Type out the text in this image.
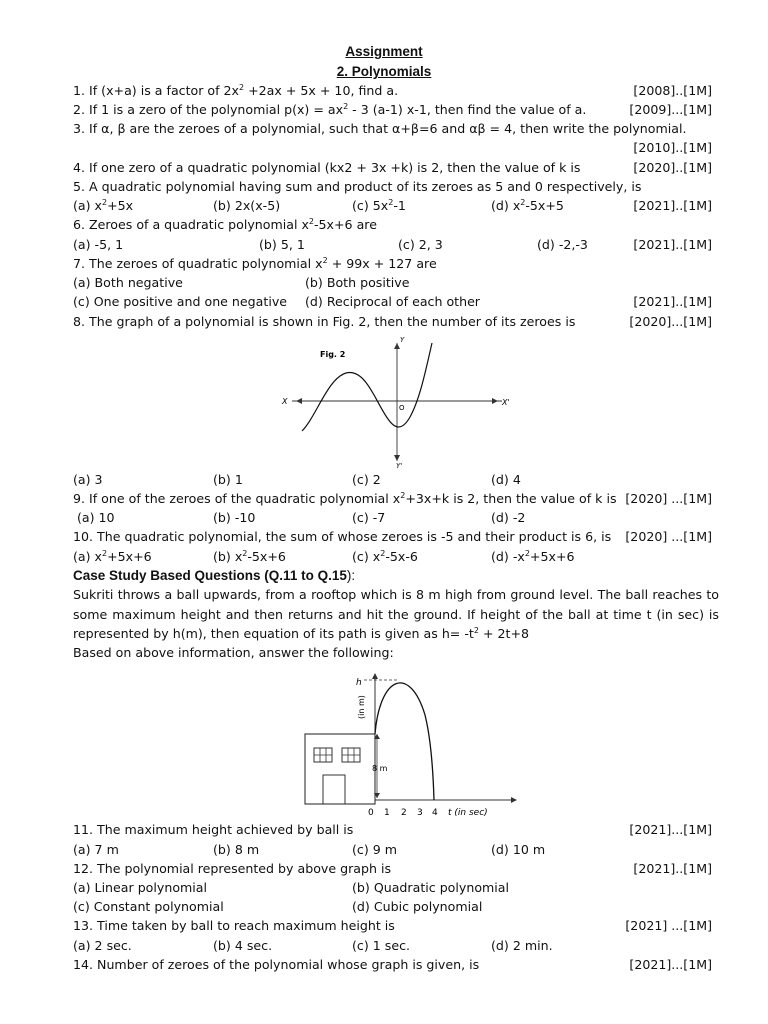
Assignment
2. Polynomials
1. If (x+a) is a factor of $2x^2 +2ax + 5x + 10$, find a.	[2008]..[1M]
2. If 1 is a zero of the polynomial $p(x) = ax^2 - 3$ (a-1) x-1, then find the value of a.	[2009]...[1M]
3. If α, β are the zeroes of a polynomial, such that α+β=6 and αβ = 4, then write the polynomial.
[2010]..[1M]
4. If one zero of a quadratic polynomial (kx2 + 3x +k) is 2, then the value of k is	[2020]..[1M]
5. A quadratic polynomial having sum and product of its zeroes as 5 and 0 respectively, is
(a) $x^2+5x$	(b) 2x(x-5)	(c) $5x^2-1$	(d) $x^2-5x+5$	[2021]..[1M]
6. Zeroes of a quadratic polynomial $x^2-5x+6$ are
(a) -5, 1	(b) 5, 1	(c) 2, 3	(d) -2,-3	[2021]..[1M]
7. The zeroes of quadratic polynomial $x^2 + 99x + 127$ are
(a) Both negative	(b) Both positive
(c) One positive and one negative (d) Reciprocal of each other	[2021]..[1M]
8. The graph of a polynomial is shown in Fig. 2, then the number of its zeroes is	[2020]...[1M]
Fig. 2
Y
Y'
X	X'
O
(a) 3	(b) 1	(c) 2	(d) 4
9. If one of the zeroes of the quadratic polynomial $x^2+3x+k$ is 2, then the value of k is [2020] ...[1M]
(a) 10	(b) -10	(c) -7	(d) -2
10. The quadratic polynomial, the sum of whose zeroes is -5 and their product is 6, is [2020] ...[1M]
(a) $x^2+5x+6$	(b) $x^2-5x+6$	(c) $x^2-5x-6$	(d) $-x^2+5x+6$
Case Study Based Questions (Q.11 to Q.15):
Sukriti throws a ball upwards, from a rooftop which is 8 m high from ground level. The ball reaches to
some maximum height and then returns and hit the ground. If height of the ball at time t (in sec) is
represented by h(m), then equation of its path is given as $h= -t^2 + 2t+8$
Based on above information, answer the following:
8 m
h
(in m)
0 1 2 3 4 t (in sec)
11. The maximum height achieved by ball is	[2021]...[1M]
(a) 7 m	(b) 8 m	(c) 9 m	(d) 10 m
12. The polynomial represented by above graph is	[2021]..[1M]
(a) Linear polynomial	(b) Quadratic polynomial
(c) Constant polynomial	(d) Cubic polynomial
13. Time taken by ball to reach maximum height is	[2021] ...[1M]
(a) 2 sec.	(b) 4 sec.	(c) 1 sec.	(d) 2 min.
14. Number of zeroes of the polynomial whose graph is given, is	[2021]...[1M]
